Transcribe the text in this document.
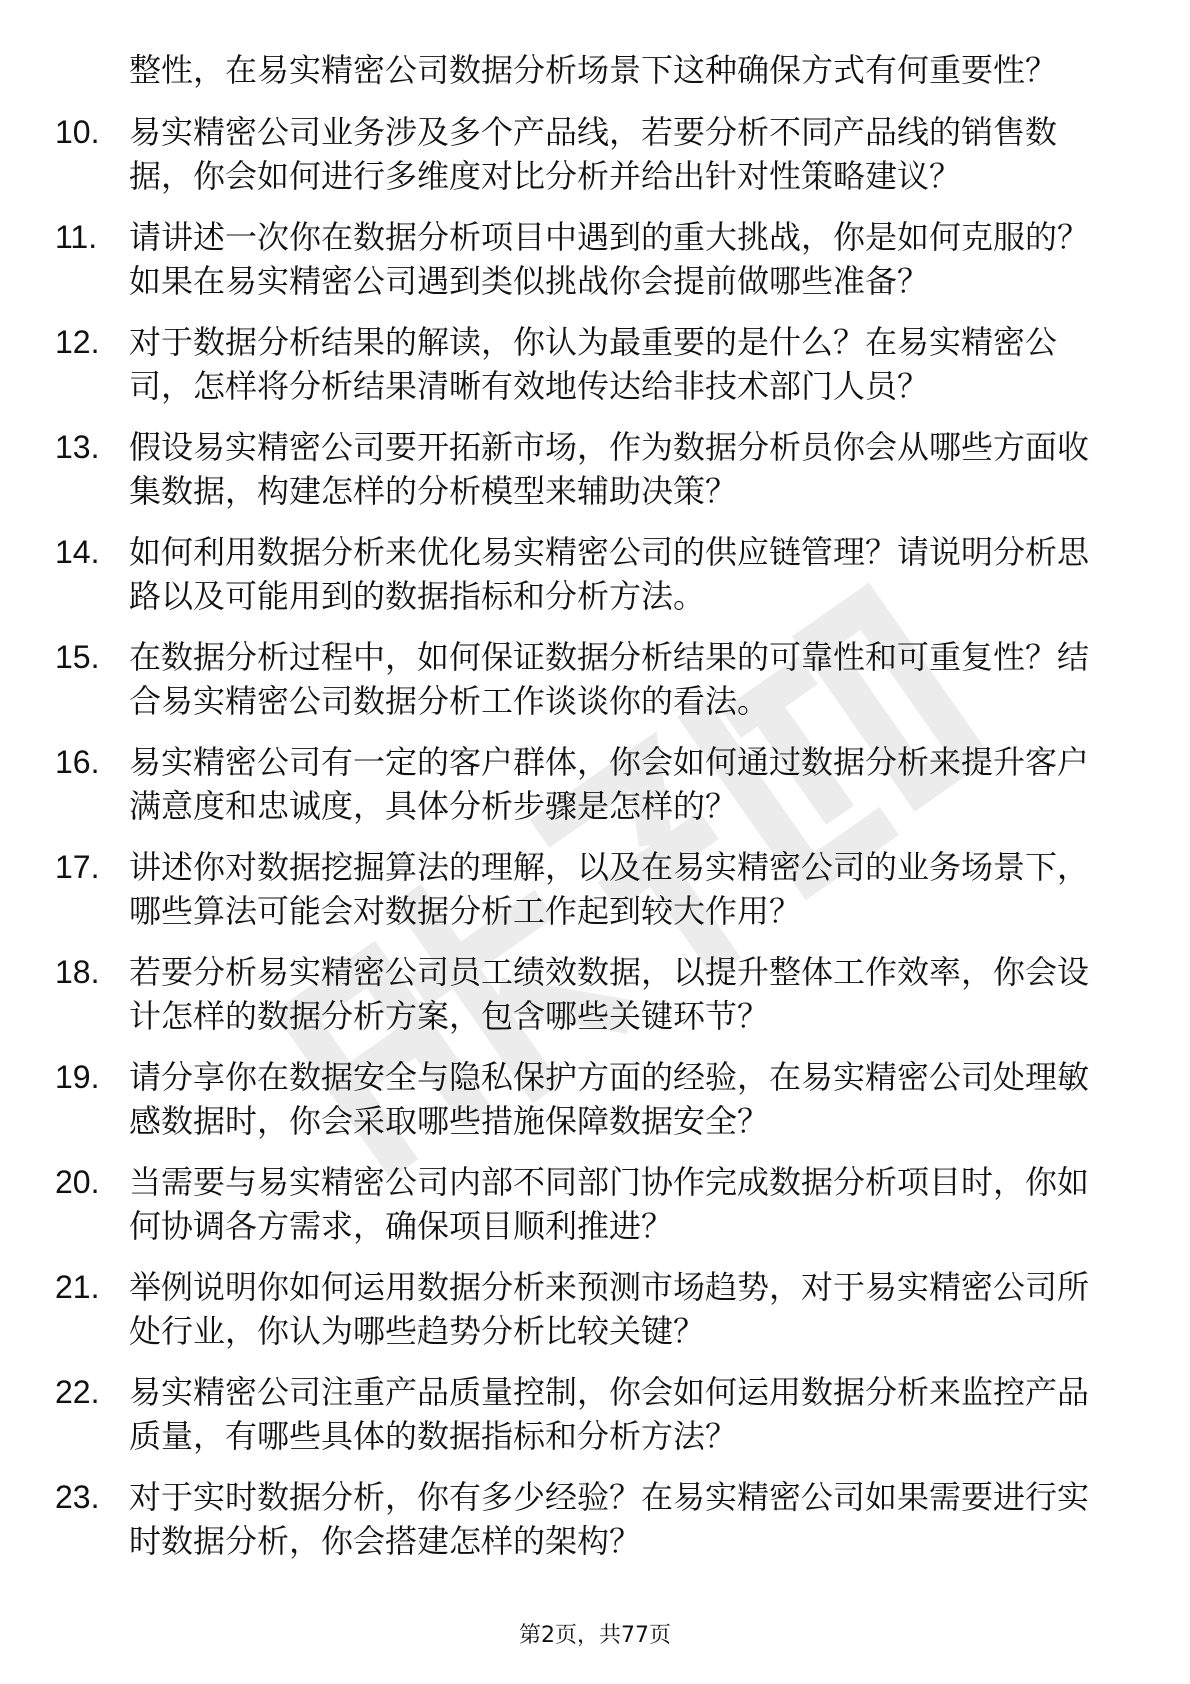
整性，在易实精密公司数据分析场景下这种确保方式有何重要性？
10. 易实精密公司业务涉及多个产品线，若要分析不同产品线的销售数据，你会如何进行多维度对比分析并给出针对性策略建议？
11. 请讲述一次你在数据分析项目中遇到的重大挑战，你是如何克服的？如果在易实精密公司遇到类似挑战你会提前做哪些准备？
12. 对于数据分析结果的解读，你认为最重要的是什么？在易实精密公司，怎样将分析结果清晰有效地传达给非技术部门人员？
13. 假设易实精密公司要开拓新市场，作为数据分析员你会从哪些方面收集数据，构建怎样的分析模型来辅助决策？
14. 如何利用数据分析来优化易实精密公司的供应链管理？请说明分析思路以及可能用到的数据指标和分析方法。
15. 在数据分析过程中，如何保证数据分析结果的可靠性和可重复性？结合易实精密公司数据分析工作谈谈你的看法。
16. 易实精密公司有一定的客户群体，你会如何通过数据分析来提升客户满意度和忠诚度，具体分析步骤是怎样的？
17. 讲述你对数据挖掘算法的理解，以及在易实精密公司的业务场景下，哪些算法可能会对数据分析工作起到较大作用？
18. 若要分析易实精密公司员工绩效数据，以提升整体工作效率，你会设计怎样的数据分析方案，包含哪些关键环节？
19. 请分享你在数据安全与隐私保护方面的经验，在易实精密公司处理敏感数据时，你会采取哪些措施保障数据安全？
20. 当需要与易实精密公司内部不同部门协作完成数据分析项目时，你如何协调各方需求，确保项目顺利推进？
21. 举例说明你如何运用数据分析来预测市场趋势，对于易实精密公司所处行业，你认为哪些趋势分析比较关键？
22. 易实精密公司注重产品质量控制，你会如何运用数据分析来监控产品质量，有哪些具体的数据指标和分析方法？
23. 对于实时数据分析，你有多少经验？在易实精密公司如果需要进行实时数据分析，你会搭建怎样的架构？
第2页，共77页
